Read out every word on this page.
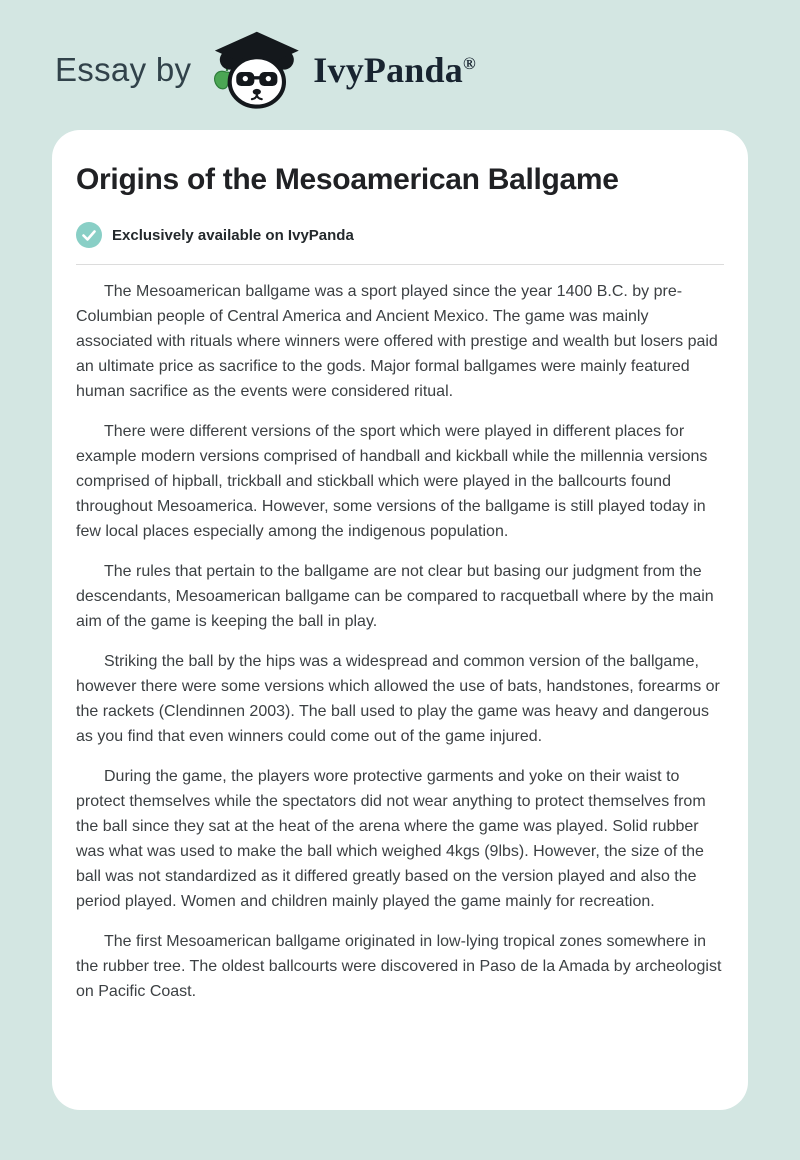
Essay by	IvyPanda®
Origins of the Mesoamerican Ballgame
Exclusively available on IvyPanda

The Mesoamerican ballgame was a sport played since the year 1400 B.C. by pre-Columbian people of Central America and Ancient Mexico. The game was mainly associated with rituals where winners were offered with prestige and wealth but losers paid an ultimate price as sacrifice to the gods. Major formal ballgames were mainly featured human sacrifice as the events were considered ritual.

There were different versions of the sport which were played in different places for example modern versions comprised of handball and kickball while the millennia versions comprised of hipball, trickball and stickball which were played in the ballcourts found throughout Mesoamerica. However, some versions of the ballgame is still played today in few local places especially among the indigenous population.

The rules that pertain to the ballgame are not clear but basing our judgment from the descendants, Mesoamerican ballgame can be compared to racquetball where by the main aim of the game is keeping the ball in play.

Striking the ball by the hips was a widespread and common version of the ballgame, however there were some versions which allowed the use of bats, handstones, forearms or the rackets (Clendinnen 2003). The ball used to play the game was heavy and dangerous as you find that even winners could come out of the game injured.

During the game, the players wore protective garments and yoke on their waist to protect themselves while the spectators did not wear anything to protect themselves from the ball since they sat at the heat of the arena where the game was played. Solid rubber was what was used to make the ball which weighed 4kgs (9lbs). However, the size of the ball was not standardized as it differed greatly based on the version played and also the period played. Women and children mainly played the game mainly for recreation.

The first Mesoamerican ballgame originated in low-lying tropical zones somewhere in the rubber tree. The oldest ballcourts were discovered in Paso de la Amada by archeologist on Pacific Coast.
